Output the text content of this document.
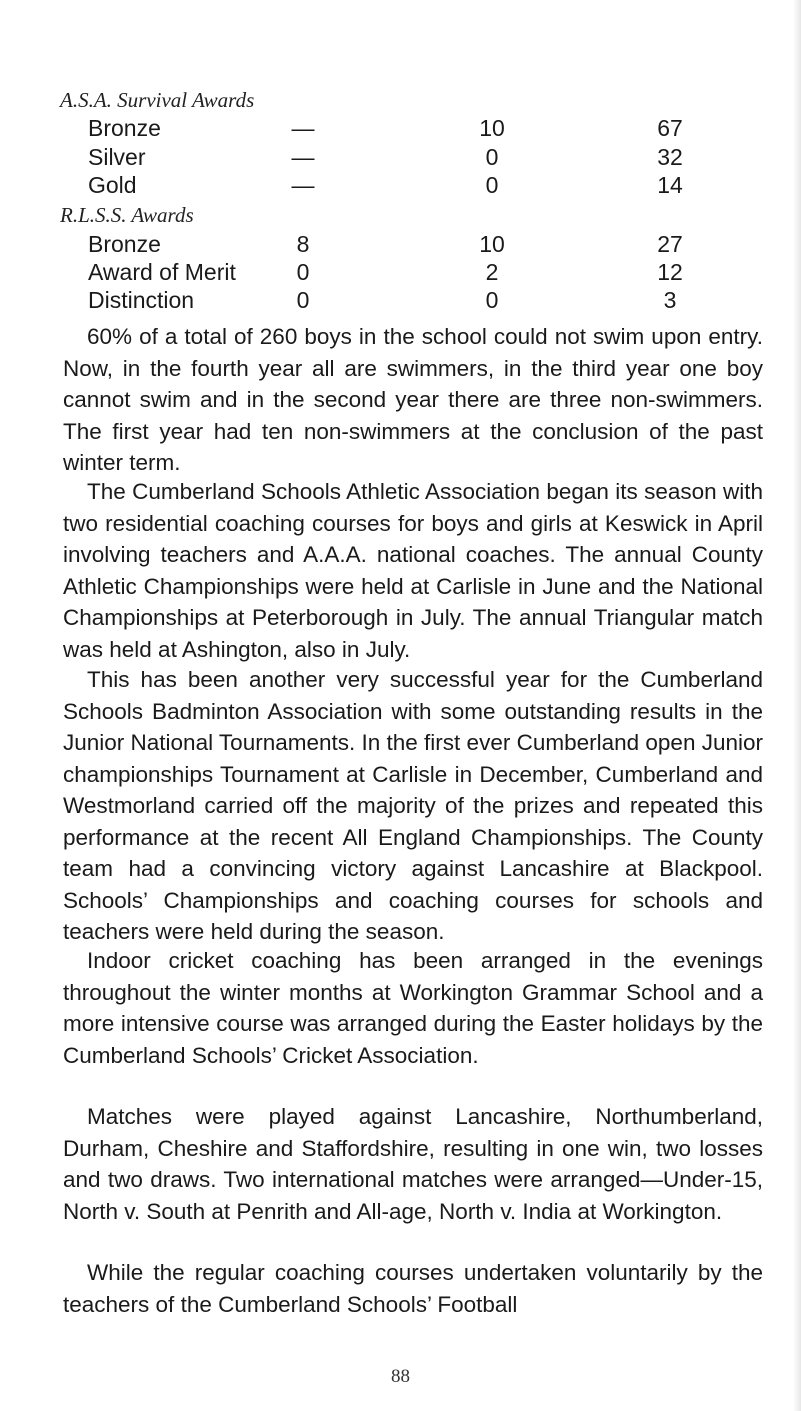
A.S.A. Survival Awards
Bronze	—	10	67
Silver	—	0	32
Gold	—	0	14
R.L.S.S. Awards
Bronze	8	10	27
Award of Merit	0	2	12
Distinction	0	0	3

60% of a total of 260 boys in the school could not swim upon entry. Now, in the fourth year all are swimmers, in the third year one boy cannot swim and in the second year there are three non-swimmers. The first year had ten non-swimmers at the conclusion of the past winter term.

The Cumberland Schools Athletic Association began its season with two residential coaching courses for boys and girls at Keswick in April involving teachers and A.A.A. national coaches. The annual County Athletic Championships were held at Carlisle in June and the National Championships at Peterborough in July. The annual Triangular match was held at Ashington, also in July.

This has been another very successful year for the Cumberland Schools Badminton Association with some outstanding results in the Junior National Tournaments. In the first ever Cumberland open Junior championships Tournament at Carlisle in December, Cumberland and Westmorland carried off the majority of the prizes and repeated this performance at the recent All England Championships. The County team had a convincing victory against Lancashire at Blackpool. Schools’ Championships and coaching courses for schools and teachers were held during the season.

Indoor cricket coaching has been arranged in the evenings throughout the winter months at Workington Grammar School and a more intensive course was arranged during the Easter holidays by the Cumberland Schools’ Cricket Association.

Matches were played against Lancashire, Northumberland, Durham, Cheshire and Staffordshire, resulting in one win, two losses and two draws. Two international matches were arranged—Under-15, North v. South at Penrith and All-age, North v. India at Workington.

While the regular coaching courses undertaken voluntarily by the teachers of the Cumberland Schools’ Football

88
